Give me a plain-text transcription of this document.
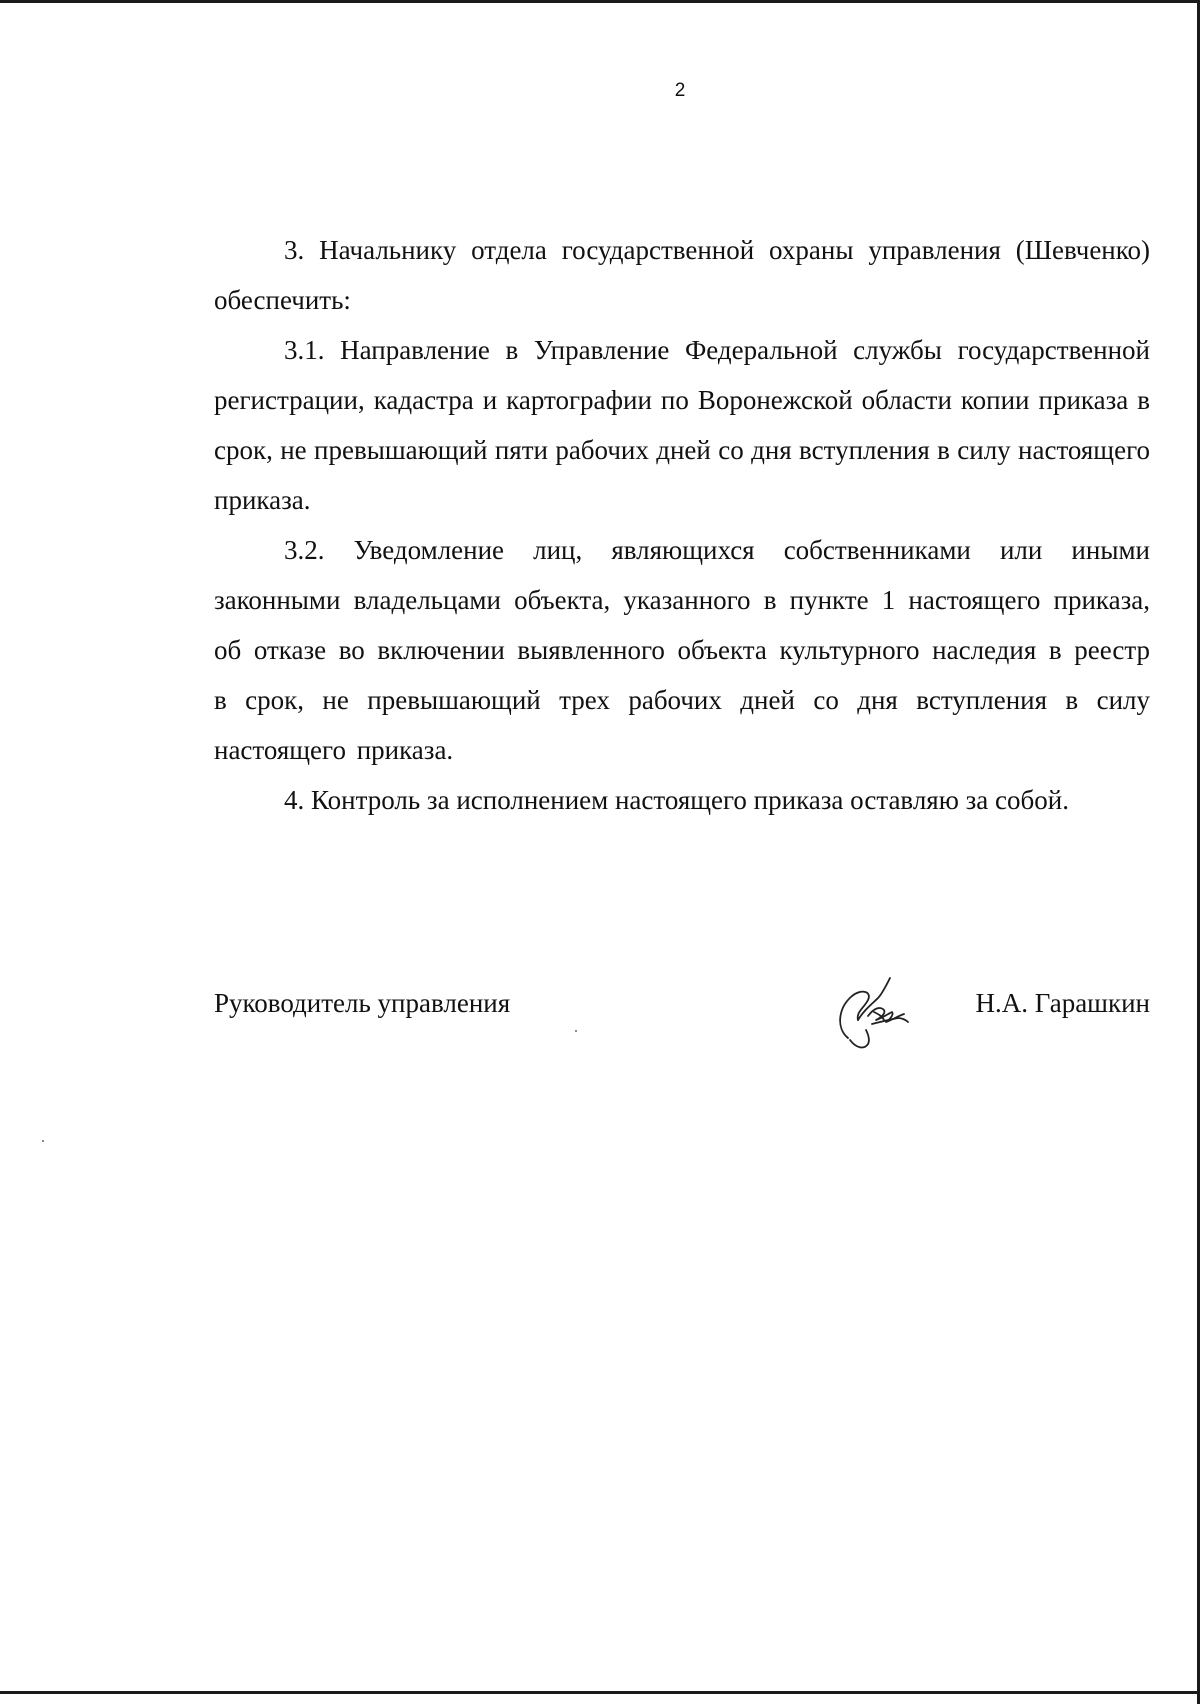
2

3. Начальнику отдела государственной охраны управления (Шевченко) обеспечить:

3.1. Направление в Управление Федеральной службы государственной регистрации, кадастра и картографии по Воронежской области копии приказа в срок, не превышающий пяти рабочих дней со дня вступления в силу настоящего приказа.

3.2. Уведомление лиц, являющихся собственниками или иными законными владельцами объекта, указанного в пункте 1 настоящего приказа, об отказе во включении выявленного объекта культурного наследия в реестр в срок, не превышающий трех рабочих дней со дня вступления в силу настоящего приказа.

4. Контроль за исполнением настоящего приказа оставляю за собой.

Руководитель управления	Н.А. Гарашкин
